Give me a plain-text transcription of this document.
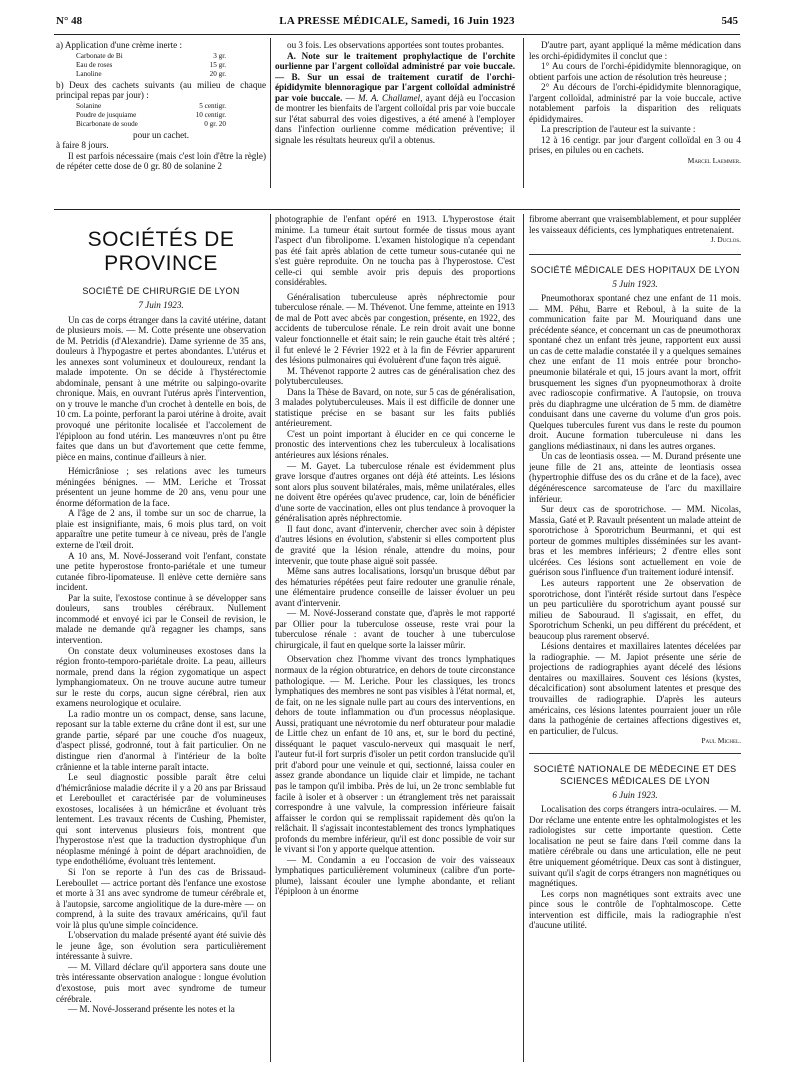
N° 48	LA PRESSE MÉDICALE, Samedi, 16 Juin 1923	545

a) Application d'une crème inerte :

Carbonate de Bi	3 gr.
Eau de roses	15 gr.
Lanoline	20 gr.

b) Deux des cachets suivants (au milieu de chaque principal repas par jour) :

Solanine	5 centigr.
Poudre de jusquiame	10 centigr.
Bicarbonate de soude	0 gr. 20

pour un cachet.

à faire 8 jours.

Il est parfois nécessaire (mais c'est loin d'être la règle) de répéter cette dose de 0 gr. 80 de solanine 2

ou 3 fois. Les observations apportées sont toutes probantes.

A. Note sur le traitement prophylactique de l'orchite ourlienne par l'argent colloïdal administré par voie buccale. — B. Sur un essai de traitement curatif de l'orchi-épididymite blennoragique par l'argent colloïdal administré par voie buccale. — M. A. Challamel, ayant déjà eu l'occasion de montrer les bienfaits de l'argent colloïdal pris par voie buccale sur l'état saburral des voies digestives, a été amené à l'employer dans l'infection ourlienne comme médication préventive; il signale les résultats heureux qu'il a obtenus.

D'autre part, ayant appliqué la même médication dans les orchi-épididymites il conclut que :

1° Au cours de l'orchi-épididymite blennoragique, on obtient parfois une action de résolution très heureuse ;

2° Au décours de l'orchi-épididymite blennoragique, l'argent colloïdal, administré par la voie buccale, active notablement parfois la disparition des reliquats épididymaires.

La prescription de l'auteur est la suivante :

12 à 16 centigr. par jour d'argent colloïdal en 3 ou 4 prises, en pilules ou en cachets.

Marcel Laemmer.

SOCIÉTÉS DE PROVINCE
SOCIÉTÉ DE CHIRURGIE DE LYON
7 Juin 1923.

Un cas de corps étranger dans la cavité utérine, datant de plusieurs mois. — M. Cotte présente une observation de M. Petridis (d'Alexandrie). Dame syrienne de 35 ans, douleurs à l'hypogastre et pertes abondantes. L'utérus et les annexes sont volumineux et douloureux, rendant la malade impotente. On se décide à l'hystérectomie abdominale, pensant à une métrite ou salpingo-ovarite chronique. Mais, en ouvrant l'utérus après l'intervention, on y trouve le manche d'un crochet à dentelle en bois, de 10 cm. La pointe, perforant la paroi utérine à droite, avait provoqué une péritonite localisée et l'accolement de l'épiploon au fond utérin. Les manœuvres n'ont pu être faites que dans un but d'avortement que cette femme, pièce en mains, continue d'ailleurs à nier.

Hémicrâniose ; ses relations avec les tumeurs méningées bénignes. — MM. Leriche et Trossat présentent un jeune homme de 20 ans, venu pour une énorme déformation de la face.

A l'âge de 2 ans, il tombe sur un soc de charrue, la plaie est insignifiante, mais, 6 mois plus tard, on voit apparaître une petite tumeur à ce niveau, près de l'angle externe de l'œil droit.

A 10 ans, M. Nové-Josserand voit l'enfant, constate une petite hyperostose fronto-pariétale et une tumeur cutanée fibro-lipomateuse. Il enlève cette dernière sans incident.

Par la suite, l'exostose continue à se développer sans douleurs, sans troubles cérébraux. Nullement incommodé et envoyé ici par le Conseil de revision, le malade ne demande qu'à regagner les champs, sans intervention.

On constate deux volumineuses exostoses dans la région fronto-temporo-pariétale droite. La peau, ailleurs normale, prend dans la région zygomatique un aspect lymphangiomateux. On ne trouve aucune autre tumeur sur le reste du corps, aucun signe cérébral, rien aux examens neurologique et oculaire.

La radio montre un os compact, dense, sans lacune, reposant sur la table externe du crâne dont il est, sur une grande partie, séparé par une couche d'os nuageux, d'aspect plissé, godronné, tout à fait particulier. On ne distingue rien d'anormal à l'intérieur de la boîte crânienne et la table interne paraît intacte.

Le seul diagnostic possible paraît être celui d'hémicrâniose maladie décrite il y a 20 ans par Brissaud et Lereboullet et caractérisée par de volumineuses exostoses, localisées à un hémicrâne et évoluant très lentement. Les travaux récents de Cushing, Phemister, qui sont intervenus plusieurs fois, montrent que l'hyperostose n'est que la traduction dystrophique d'un néoplasme méningé à point de départ arachnoïdien, de type endothélióme, évoluant très lentement.

Si l'on se reporte à l'un des cas de Brissaud-Lereboullet — actrice portant dès l'enfance une exostose et morte à 31 ans avec syndrome de tumeur cérébrale et, à l'autopsie, sarcome angiolitique de la dure-mère — on comprend, à la suite des travaux américains, qu'il faut voir là plus qu'une simple coïncidence.

L'observation du malade présenté ayant été suivie dès le jeune âge, son évolution sera particulièrement intéressante à suivre.

— M. Villard déclare qu'il apportera sans doute une très intéressante observation analogue : longue évolution d'exostose, puis mort avec syndrome de tumeur cérébrale.

— M. Nové-Josserand présente les notes et la

photographie de l'enfant opéré en 1913. L'hyperostose était minime. La tumeur était surtout formée de tissus mous ayant l'aspect d'un fibrolipome. L'examen histologique n'a cependant pas été fait après ablation de cette tumeur sous-cutanée qui ne s'est guère reproduite. On ne toucha pas à l'hyperostose. C'est celle-ci qui semble avoir pris depuis des proportions considérables.

Généralisation tuberculeuse après néphrectomie pour tuberculose rénale. — M. Thévenot. Une femme, atteinte en 1913 de mal de Pott avec abcès par congestion, présente, en 1922, des accidents de tuberculose rénale. Le rein droit avait une bonne valeur fonctionnelle et était sain; le rein gauche était très altéré ; il fut enlevé le 2 Février 1922 et à la fin de Février apparurent des lésions pulmonaires qui évoluèrent d'une façon très aiguë.

M. Thévenot rapporte 2 autres cas de généralisation chez des polytuberculeuses.

Dans la Thèse de Bavard, on note, sur 5 cas de généralisation, 3 malades polytuberculeuses. Mais il est difficile de donner une statistique précise en se basant sur les faits publiés antérieurement.

C'est un point important à élucider en ce qui concerne le pronostic des interventions chez les tuberculeux à localisations antérieures aux lésions rénales.

— M. Gayet. La tuberculose rénale est évidemment plus grave lorsque d'autres organes ont déjà été atteints. Les lésions sont alors plus souvent bilatérales, mais, même unilatérales, elles ne doivent être opérées qu'avec prudence, car, loin de bénéficier d'une sorte de vaccination, elles ont plus tendance à provoquer la généralisation après néphrectomie.

Il faut donc, avant d'intervenir, chercher avec soin à dépister d'autres lésions en évolution, s'abstenir si elles comportent plus de gravité que la lésion rénale, attendre du moins, pour intervenir, que toute phase aiguë soit passée.

Même sans autres localisations, lorsqu'un brusque début par des hématuries répétées peut faire redouter une granulie rénale, une élémentaire prudence conseille de laisser évoluer un peu avant d'intervenir.

— M. Nové-Josserand constate que, d'après le mot rapporté par Ollier pour la tuberculose osseuse, reste vrai pour la tuberculose rénale : avant de toucher à une tuberculose chirurgicale, il faut en quelque sorte la laisser mûrir.

Observation chez l'homme vivant des troncs lymphatiques normaux de la région obturatrice, en dehors de toute circonstance pathologique. — M. Leriche. Pour les classiques, les troncs lymphatiques des membres ne sont pas visibles à l'état normal, et, de fait, on ne les signale nulle part au cours des interventions, en dehors de toute inflammation ou d'un processus néoplasique. Aussi, pratiquant une névrotomie du nerf obturateur pour maladie de Little chez un enfant de 10 ans, et, sur le bord du pectiné, disséquant le paquet vasculo-nerveux qui masquait le nerf, l'auteur fut-il fort surpris d'isoler un petit cordon translucide qu'il prit d'abord pour une veinule et qui, sectionné, laissa couler en assez grande abondance un liquide clair et limpide, ne tachant pas le tampon qu'il imbiba. Près de lui, un 2e tronc semblable fut facile à isoler et à observer : un étranglement très net paraissait correspondre à une valvule, la compression inférieure faisait affaisser le cordon qui se remplissait rapidement dès qu'on la relâchait. Il s'agissait incontestablement des troncs lymphatiques profonds du membre inférieur, qu'il est donc possible de voir sur le vivant si l'on y apporte quelque attention.

— M. Condamin a eu l'occasion de voir des vaisseaux lymphatiques particulièrement volumineux (calibre d'un porte-plume), laissant écouler une lymphe abondante, et reliant l'épiploon à un énorme

fibrome aberrant que vraisemblablement, et pour suppléer les vaisseaux déficients, ces lymphatiques entretenaient.

J. Duclos.

SOCIÉTÉ MÉDICALE DES HOPITAUX DE LYON
5 Juin 1923.

Pneumothorax spontané chez une enfant de 11 mois. — MM. Péhu, Barre et Reboul, à la suite de la communication faite par M. Mouriquand dans une précédente séance, et concernant un cas de pneumothorax spontané chez un enfant très jeune, rapportent eux aussi un cas de cette maladie constatée il y a quelques semaines chez une enfant de 11 mois entrée pour broncho-pneumonie bilatérale et qui, 15 jours avant la mort, offrit brusquement les signes d'un pyopneumothorax à droite avec radioscopie confirmative. A l'autopsie, on trouva près du diaphragme une ulcération de 5 mm. de diamètre conduisant dans une caverne du volume d'un gros pois. Quelques tubercules furent vus dans le reste du poumon droit. Aucune formation tuberculeuse ni dans les ganglions médiastinaux, ni dans les autres organes.

Un cas de leontiasis ossea. — M. Durand présente une jeune fille de 21 ans, atteinte de leontiasis ossea (hypertrophie diffuse des os du crâne et de la face), avec dégénérescence sarcomateuse de l'arc du maxillaire inférieur.

Sur deux cas de sporotrichose. — MM. Nicolas, Massia, Gaté et P. Ravault présentent un malade atteint de sporotrichose à Sporotrichum Beurmanni, et qui est porteur de gommes multiples disséminées sur les avant-bras et les membres inférieurs; 2 d'entre elles sont ulcérées. Ces lésions sont actuellement en voie de guérison sous l'influence d'un traitement ioduré intensif.

Les auteurs rapportent une 2e observation de sporotrichose, dont l'intérêt réside surtout dans l'espèce un peu particulière du sporotrichum ayant poussé sur milieu de Sabouraud. Il s'agissait, en effet, du Sporotrichum Schenki, un peu différent du précédent, et beaucoup plus rarement observé.

Lésions dentaires et maxillaires latentes décelées par la radiographie. — M. Japiot présente une série de projections de radiographies ayant décelé des lésions dentaires ou maxillaires. Souvent ces lésions (kystes, décalcification) sont absolument latentes et presque des trouvailles de radiographie. D'après les auteurs américains, ces lésions latentes pourraient jouer un rôle dans la pathogénie de certaines affections digestives et, en particulier, de l'ulcus.

Paul Michel.

SOCIÉTÉ NATIONALE DE MÉDECINE ET DES SCIENCES MÉDICALES DE LYON
6 Juin 1923.

Localisation des corps étrangers intra-oculaires. — M. Dor réclame une entente entre les ophtalmologistes et les radiologistes sur cette importante question. Cette localisation ne peut se faire dans l'œil comme dans la matière cérébrale ou dans une articulation, elle ne peut être uniquement géométrique. Deux cas sont à distinguer, suivant qu'il s'agit de corps étrangers non magnétiques ou magnétiques.

Les corps non magnétiques sont extraits avec une pince sous le contrôle de l'ophtalmoscope. Cette intervention est difficile, mais la radiographie n'est d'aucune utilité.
